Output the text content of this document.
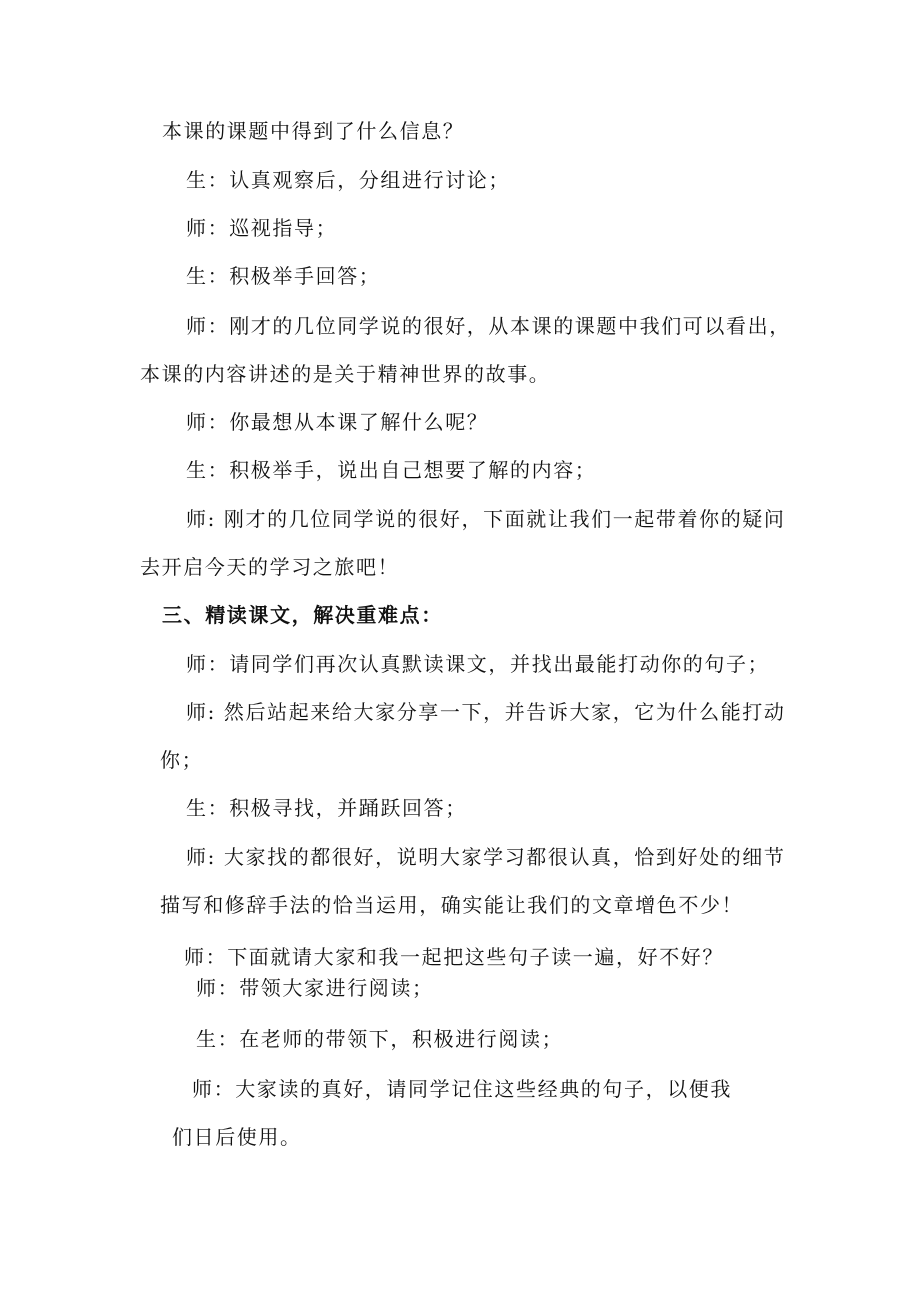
本课的课题中得到了什么信息？

生：认真观察后，分组进行讨论；

师：巡视指导；

生：积极举手回答；

师：刚才的几位同学说的很好，从本课的课题中我们可以看出，

本课的内容讲述的是关于精神世界的故事。

师：你最想从本课了解什么呢？

生：积极举手，说出自己想要了解的内容；

师: 刚才的几位同学说的很好，下面就让我们一起带着你的疑问

去开启今天的学习之旅吧！

三、精读课文，解决重难点：

师：请同学们再次认真默读课文，并找出最能打动你的句子；

师: 然后站起来给大家分享一下，并告诉大家，它为什么能打动

你；

生：积极寻找，并踊跃回答；

师: 大家找的都很好，说明大家学习都很认真，恰到好处的细节

描写和修辞手法的恰当运用，确实能让我们的文章增色不少！

师：下面就请大家和我一起把这些句子读一遍，好不好？

师：带领大家进行阅读；

生：在老师的带领下，积极进行阅读；

师：大家读的真好，请同学记住这些经典的句子，以便我

们日后使用。
